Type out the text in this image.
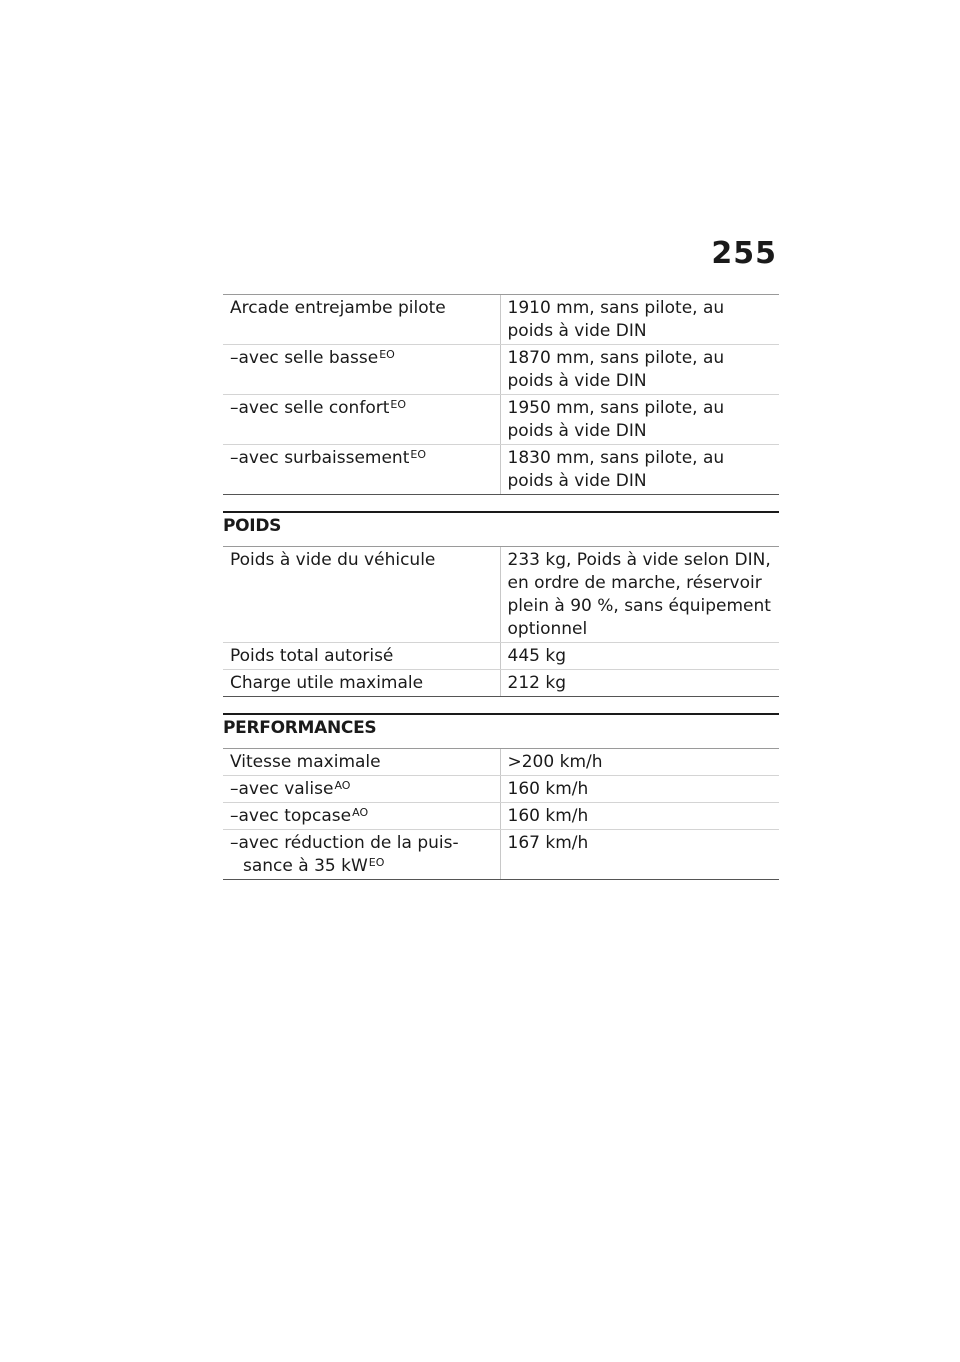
255
Arcade entrejambe pilote	1910 mm, sans pilote, au poids à vide DIN

–avec selle basse$^{EO}$	1870 mm, sans pilote, au poids à vide DIN

–avec selle confort$^{EO}$	1950 mm, sans pilote, au poids à vide DIN

–avec surbaissement$^{EO}$	1830 mm, sans pilote, au poids à vide DIN
POIDS
Poids à vide du véhicule	233 kg, Poids à vide selon DIN, en ordre de marche, réservoir plein à 90 %, sans équipement optionnel
Poids total autorisé	445 kg
Charge utile maximale	212 kg
PERFORMANCES
Vitesse maximale	>200 km/h

–avec valise$^{AO}$	160 km/h

–avec topcase$^{AO}$	160 km/h

–avec réduction de la puissance à 35 kW$^{EO}$	167 km/h
